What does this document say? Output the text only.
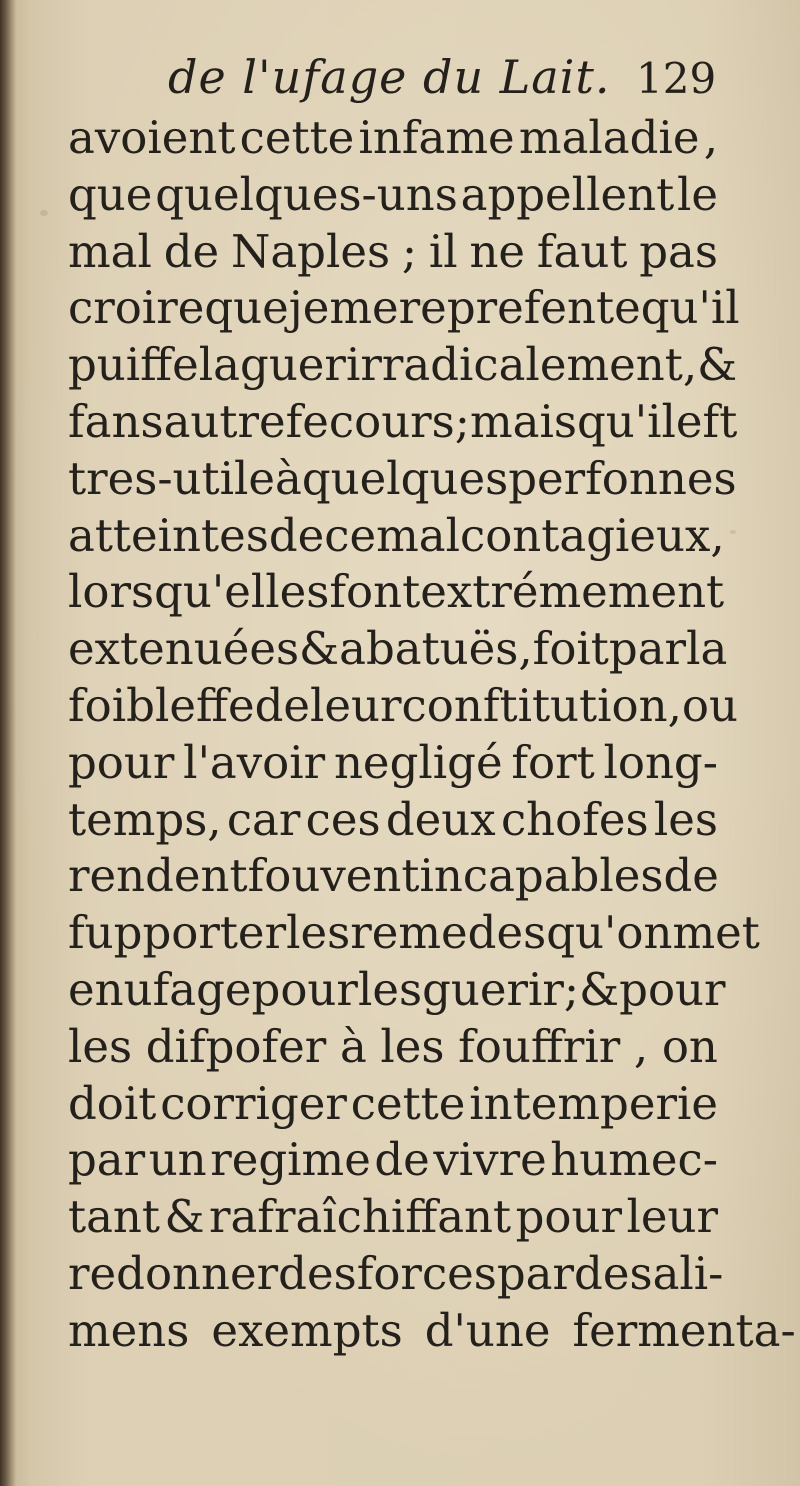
de l'ufage du Lait. 129
avoient cette infame maladie ,
que quelques-uns appellent le
mal de Naples ; il ne faut pas
croire que je me reprefente qu'il
puiffe la guerir radicalement , &
fans autre fecours ; mais qu'il eft
tres- utile à quelques perfonnes
atteintes de ce mal contagieux ,
lors qu'elles font extrémement
extenuées & abatuës, foit par la
foibleffe de leur conftitution, ou
pour l'avoir negligé fort long-
temps, car ces deux chofes les
rendent fouvent incapables de
fupporter les remedes qu'on met
en ufage pour les guerir ; & pour
les difpofer à les fouffrir , on
doit corriger cette intemperie
par un regime de vivre humec-
tant & rafraîchiffant pour leur
redonner des forces par des ali-
mens exempts d'une fermenta-
